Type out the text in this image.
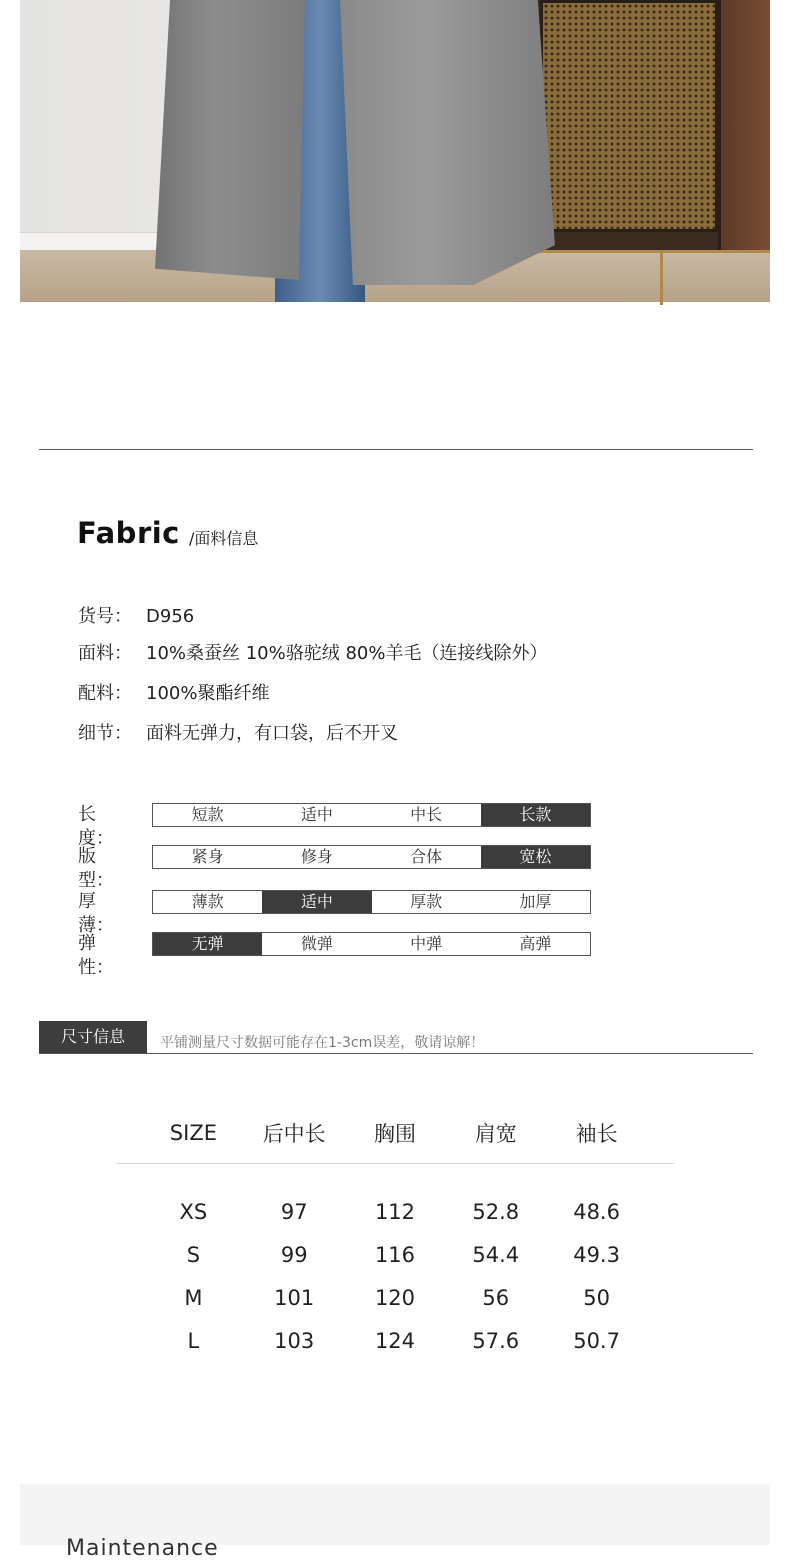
Fabric /面料信息
货号： D956
面料： 10%桑蚕丝 10%骆驼绒 80%羊毛（连接线除外）
配料： 100%聚酯纤维
细节： 面料无弹力，有口袋，后不开叉
长度：
短款	适中	中长	长款
版型：
紧身	修身	合体	宽松
厚薄：
薄款	适中	厚款	加厚
弹性：
无弹	微弹	中弹	高弹
尺寸信息	平铺测量尺寸数据可能存在1-3cm误差，敬请谅解！
SIZE	后中长	胸围	肩宽	袖长
XS	97	112	52.8	48.6
S	99	116	54.4	49.3
M	101	120	56	50
L	103	124	57.6	50.7
Maintenance
